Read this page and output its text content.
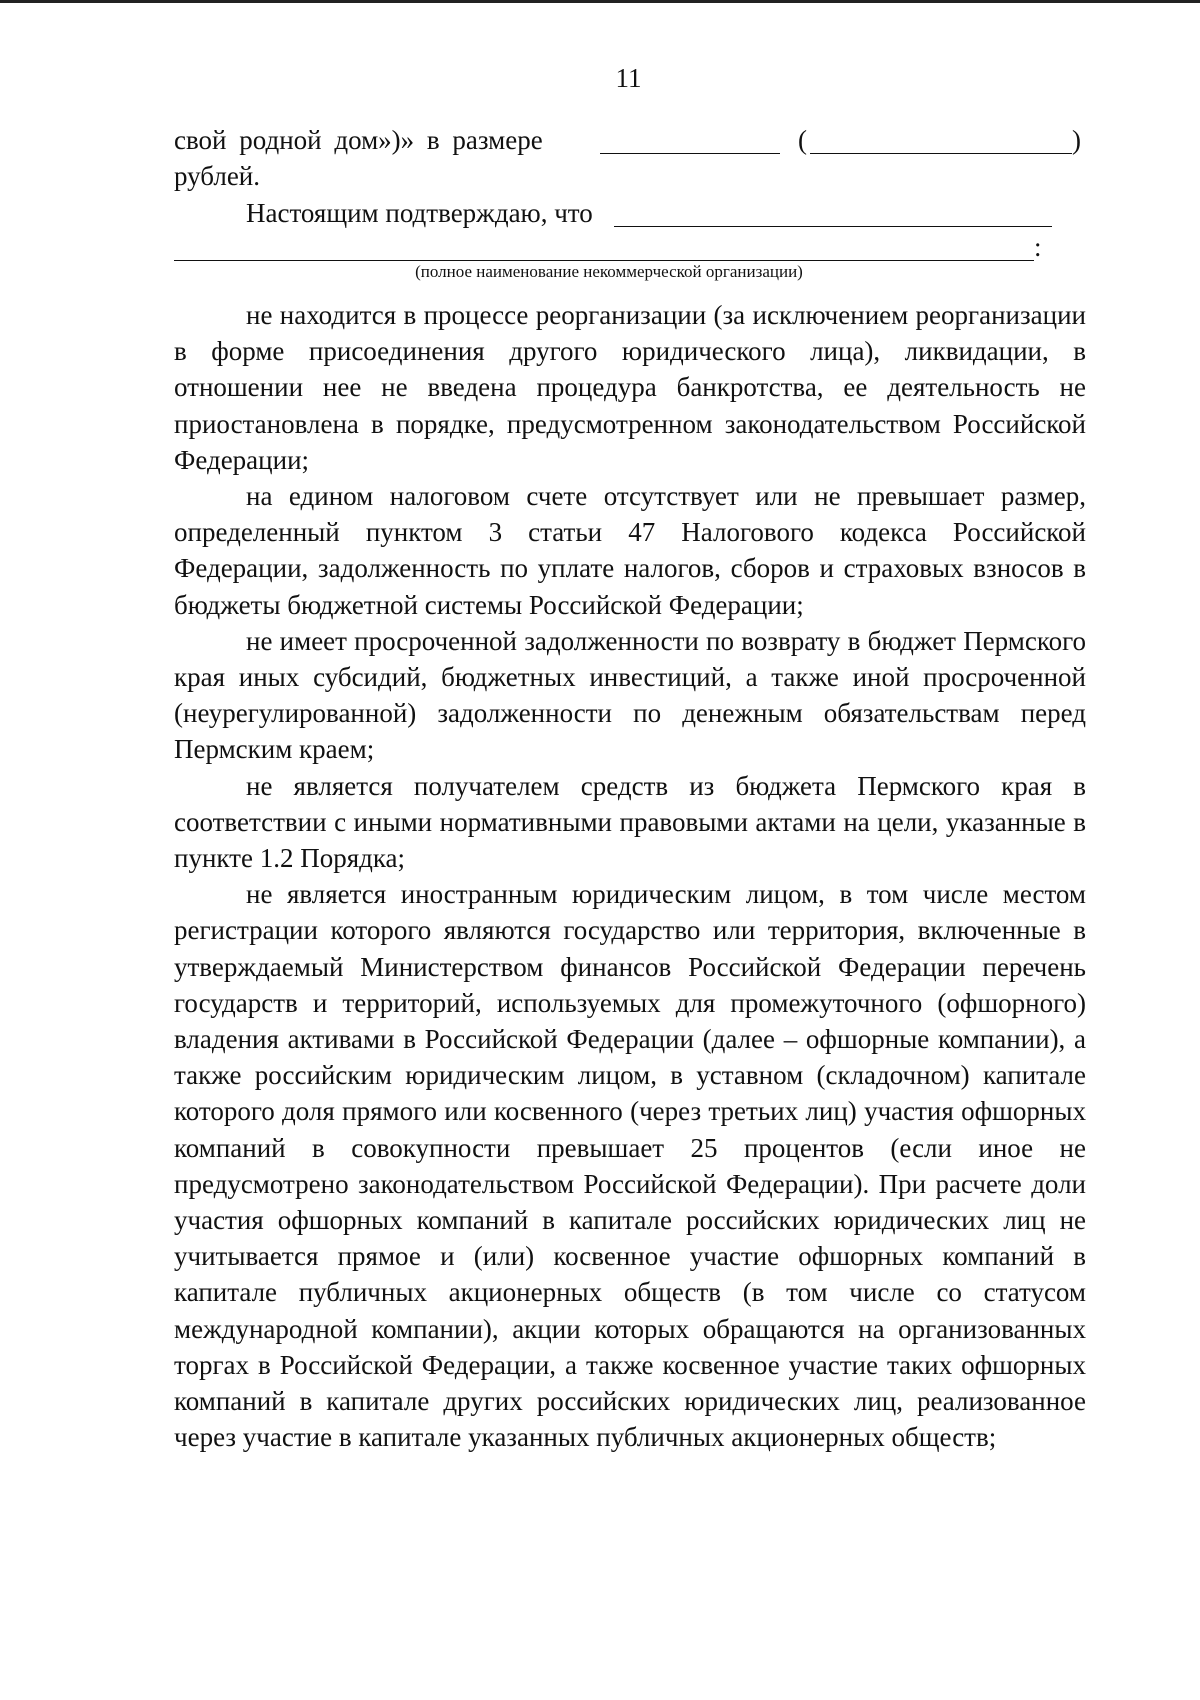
11
свой родной дом»)» в размере	(	)
рублей.
Настоящим подтверждаю, что
:
(полное наименование некоммерческой организации)

не находится в процессе реорганизации (за исключением реорганизации в форме присоединения другого юридического лица), ликвидации, в отношении нее не введена процедура банкротства, ее деятельность не приостановлена в порядке, предусмотренном законодательством Российской Федерации;

на едином налоговом счете отсутствует или не превышает размер, определенный пунктом 3 статьи 47 Налогового кодекса Российской Федерации, задолженность по уплате налогов, сборов и страховых взносов в бюджеты бюджетной системы Российской Федерации;

не имеет просроченной задолженности по возврату в бюджет Пермского края иных субсидий, бюджетных инвестиций, а также иной просроченной (неурегулированной) задолженности по денежным обязательствам перед Пермским краем;

не является получателем средств из бюджета Пермского края в соответствии с иными нормативными правовыми актами на цели, указанные в пункте 1.2 Порядка;

не является иностранным юридическим лицом, в том числе местом регистрации которого являются государство или территория, включенные в утверждаемый Министерством финансов Российской Федерации перечень государств и территорий, используемых для промежуточного (офшорного) владения активами в Российской Федерации (далее – офшорные компании), а также российским юридическим лицом, в уставном (складочном) капитале которого доля прямого или косвенного (через третьих лиц) участия офшорных компаний в совокупности превышает 25 процентов (если иное не предусмотрено законодательством Российской Федерации). При расчете доли участия офшорных компаний в капитале российских юридических лиц не учитывается прямое и (или) косвенное участие офшорных компаний в капитале публичных акционерных обществ (в том числе со статусом международной компании), акции которых обращаются на организованных торгах в Российской Федерации, а также косвенное участие таких офшорных компаний в капитале других российских юридических лиц, реализованное через участие в капитале указанных публичных акционерных обществ;
